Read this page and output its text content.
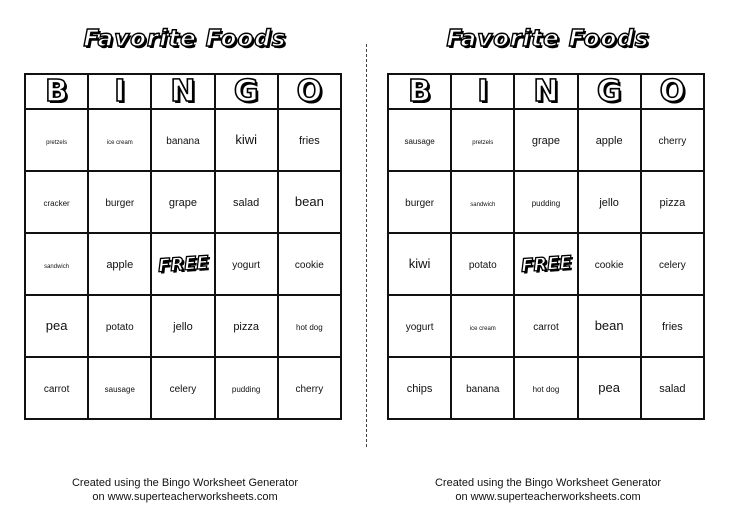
Favorite Foods
B	I	N	G	O
pretzels	ice cream	banana	kiwi	fries
cracker	burger	grape	salad	bean
sandwich	apple	FREE	yogurt	cookie
pea	potato	jello	pizza	hot dog
carrot	sausage	celery	pudding	cherry
Created using the Bingo Worksheet Generator
on www.superteacherworksheets.com
Favorite Foods
B	I	N	G	O
sausage	pretzels	grape	apple	cherry
burger	sandwich	pudding	jello	pizza
kiwi	potato	FREE	cookie	celery
yogurt	ice cream	carrot	bean	fries
chips	banana	hot dog	pea	salad
Created using the Bingo Worksheet Generator
on www.superteacherworksheets.com
